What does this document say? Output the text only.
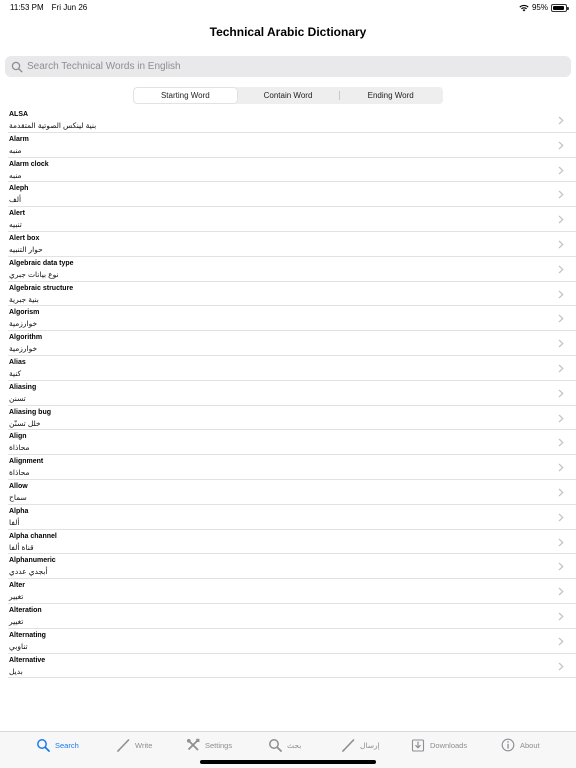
11:53 PM Fri Jun 26	95%
Technical Arabic Dictionary
Search Technical Words in English
Starting Word	Contain Word	Ending Word
ALSA
بنية لينكس الصوتية المتقدمة
Alarm
منبه
Alarm clock
منبه
Aleph
ألف
Alert
تنبيه
Alert box
حوار التنبيه
Algebraic data type
نوع بيانات جبري
Algebraic structure
بنية جبرية
Algorism
خوارزمية
Algorithm
خوارزمية
Alias
كنية
Aliasing
تسنن
Aliasing bug
خلل تسنّن
Align
محاذاة
Alignment
محاذاة
Allow
سماح
Alpha
ألفا
Alpha channel
قناة ألفا
Alphanumeric
أبجدي عددي
Alter
تغيير
Alteration
تغيير
Alternating
تناوبي
Alternative
بديل
Search	Write	Settings	بحث	إرسال	Downloads	About
